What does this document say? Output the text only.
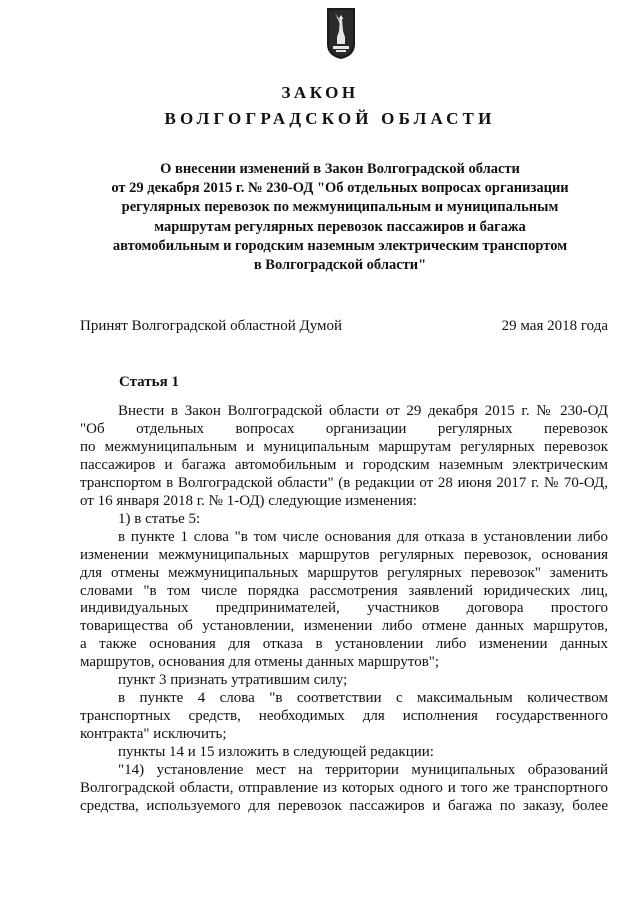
ЗАКОН
ВОЛГОГРАДСКОЙ ОБЛАСТИ
О внесении изменений в Закон Волгоградской области
от 29 декабря 2015 г. № 230-ОД "Об отдельных вопросах организации
регулярных перевозок по межмуниципальным и муниципальным
маршрутам регулярных перевозок пассажиров и багажа
автомобильным и городским наземным электрическим транспортом
в Волгоградской области"
Принят Волгоградской областной Думой	29 мая 2018 года
Статья 1
Внести в Закон Волгоградской области от 29 декабря 2015 г. № 230-ОД
"Об отдельных вопросах организации регулярных перевозок
по межмуниципальным и муниципальным маршрутам регулярных перевозок
пассажиров и багажа автомобильным и городским наземным электрическим
транспортом в Волгоградской области" (в редакции от 28 июня 2017 г. № 70-ОД,
от 16 января 2018 г. № 1-ОД) следующие изменения:
1) в статье 5:
в пункте 1 слова "в том числе основания для отказа в установлении либо
изменении межмуниципальных маршрутов регулярных перевозок, основания
для отмены межмуниципальных маршрутов регулярных перевозок" заменить
словами "в том числе порядка рассмотрения заявлений юридических лиц,
индивидуальных предпринимателей, участников договора простого
товарищества об установлении, изменении либо отмене данных маршрутов,
а также основания для отказа в установлении либо изменении данных
маршрутов, основания для отмены данных маршрутов";
пункт 3 признать утратившим силу;
в пункте 4 слова "в соответствии с максимальным количеством
транспортных средств, необходимых для исполнения государственного
контракта" исключить;
пункты 14 и 15 изложить в следующей редакции:
"14) установление мест на территории муниципальных образований
Волгоградской области, отправление из которых одного и того же транспортного
средства, используемого для перевозок пассажиров и багажа по заказу, более
